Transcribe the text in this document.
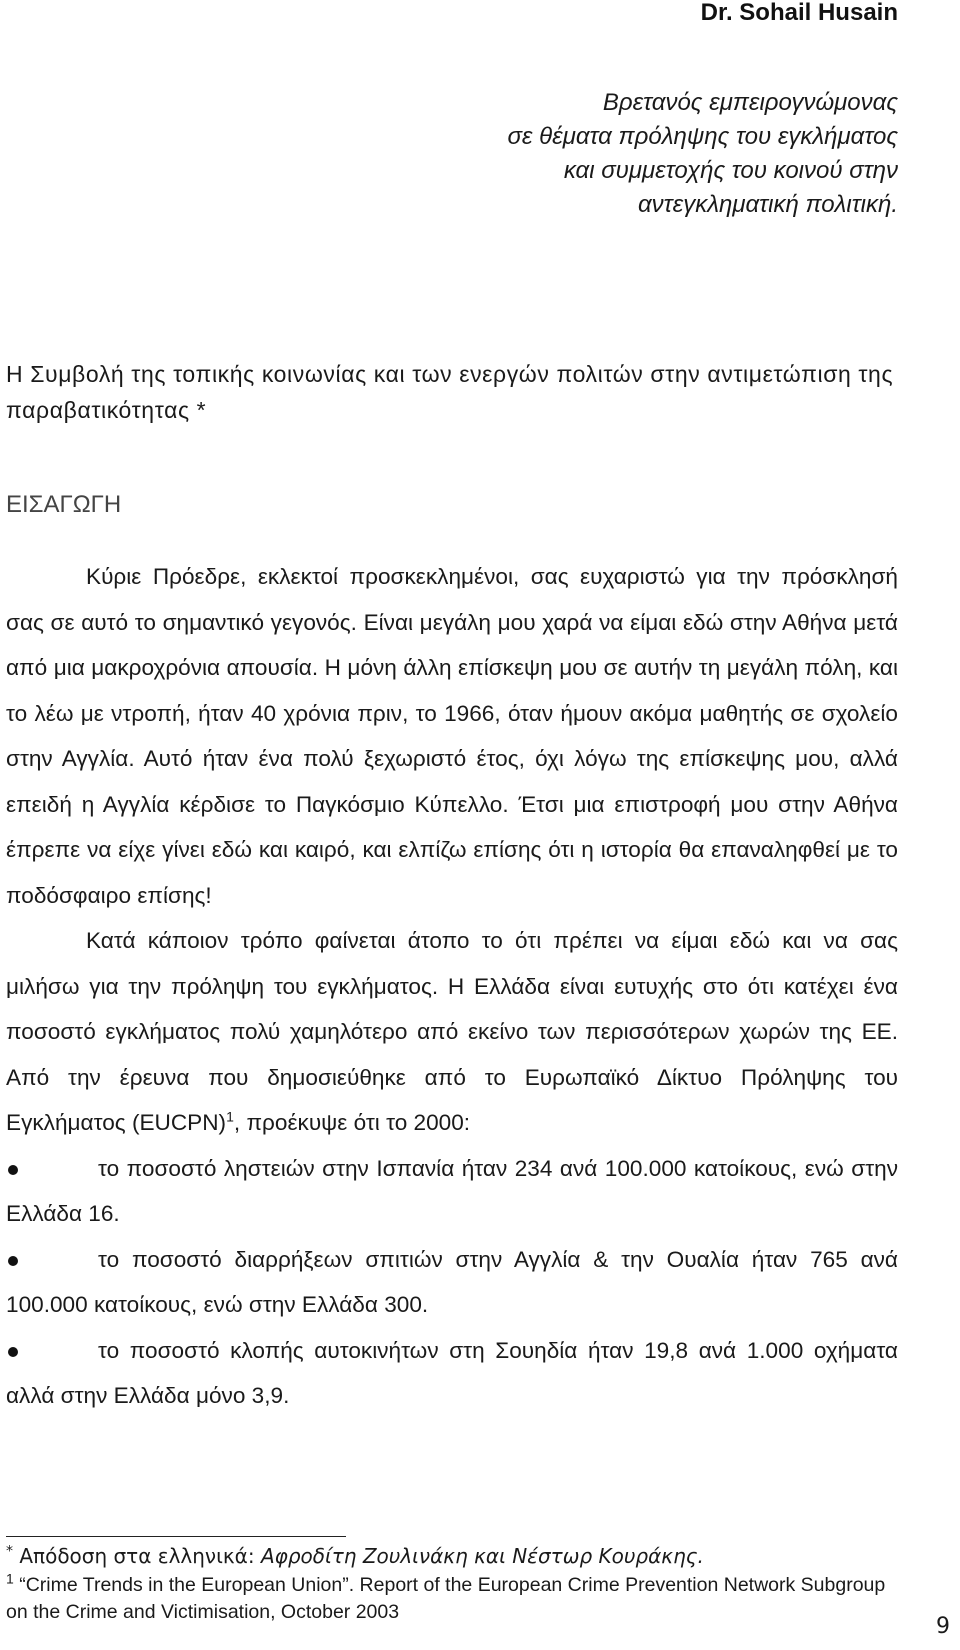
Dr. Sohail Husain
Βρετανός εμπειρογνώμονας
σε θέματα πρόληψης του εγκλήματος
και συμμετοχής του κοινού στην
αντεγκληματική πολιτική.
Η Συμβολή της τοπικής κοινωνίας και των ενεργών πολιτών στην αντιμετώπιση της παραβατικότητας *
ΕΙΣΑΓΩΓΗ

Κύριε Πρόεδρε, εκλεκτοί προσκεκλημένοι, σας ευχαριστώ για την πρόσκλησή σας σε αυτό το σημαντικό γεγονός. Είναι μεγάλη μου χαρά να είμαι εδώ στην Αθήνα μετά από μια μακροχρόνια απουσία. Η μόνη άλλη επίσκεψη μου σε αυτήν τη μεγάλη πόλη, και το λέω με ντροπή, ήταν 40 χρόνια πριν, το 1966, όταν ήμουν ακόμα μαθητής σε σχολείο στην Αγγλία. Αυτό ήταν ένα πολύ ξεχωριστό έτος, όχι λόγω της επίσκεψης μου, αλλά επειδή η Αγγλία κέρδισε το Παγκόσμιο Κύπελλο. Έτσι μια επιστροφή μου στην Αθήνα έπρεπε να είχε γίνει εδώ και καιρό, και ελπίζω επίσης ότι η ιστορία θα επαναληφθεί με το ποδόσφαιρο επίσης!

Κατά κάποιον τρόπο φαίνεται άτοπο το ότι πρέπει να είμαι εδώ και να σας μιλήσω για την πρόληψη του εγκλήματος. Η Ελλάδα είναι ευτυχής στο ότι κατέχει ένα ποσοστό εγκλήματος πολύ χαμηλότερο από εκείνο των περισσότερων χωρών της ΕΕ. Από την έρευνα που δημοσιεύθηκε από το Ευρωπαϊκό Δίκτυο Πρόληψης του Εγκλήματος (EUCPN)$^1$, προέκυψε ότι το 2000:

το ποσοστό ληστειών στην Ισπανία ήταν 234 ανά 100.000 κατοίκους, ενώ στην Ελλάδα 16.
το ποσοστό διαρρήξεων σπιτιών στην Αγγλία & την Ουαλία ήταν 765 ανά 100.000 κατοίκους, ενώ στην Ελλάδα 300.
το ποσοστό κλοπής αυτοκινήτων στη Σουηδία ήταν 19,8 ανά 1.000 οχήματα αλλά στην Ελλάδα μόνο 3,9.
* Απόδοση στα ελληνικά: Αφροδίτη Ζουλινάκη και Νέστωρ Κουράκης.
$^1$ “Crime Trends in the European Union”. Report of the European Crime Prevention Network Subgroup on the Crime and Victimisation, October 2003
9
